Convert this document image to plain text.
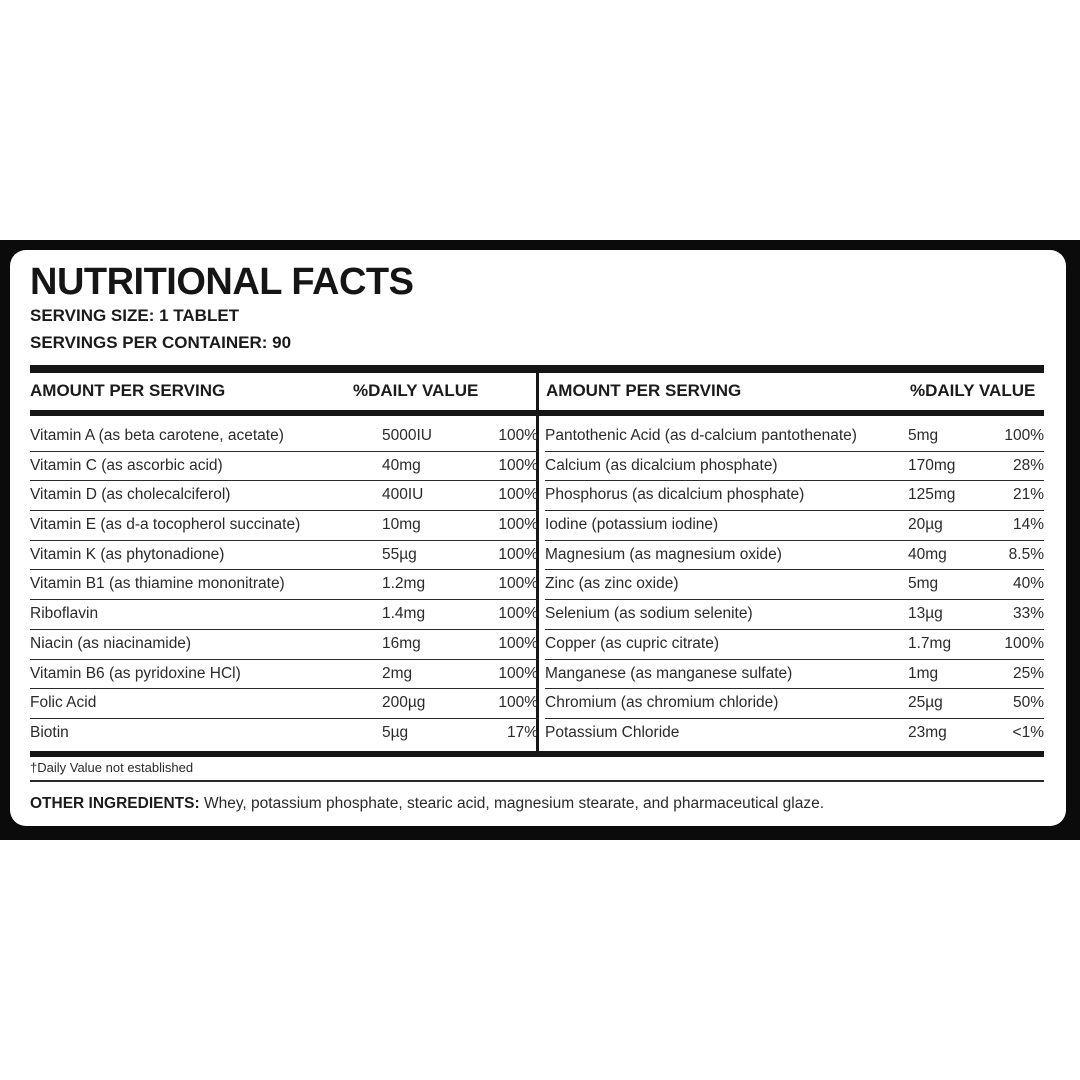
NUTRITIONAL FACTS
SERVING SIZE: 1 TABLET
SERVINGS PER CONTAINER: 90
AMOUNT PER SERVING	%DAILY VALUE	AMOUNT PER SERVING	%DAILY VALUE
Vitamin A (as beta carotene, acetate)	5000IU	100%
Vitamin C (as ascorbic acid)	40mg	100%
Vitamin D (as cholecalciferol)	400IU	100%
Vitamin E (as d-a tocopherol succinate)	10mg	100%
Vitamin K (as phytonadione)	55µg	100%
Vitamin B1 (as thiamine mononitrate)	1.2mg	100%
Riboflavin	1.4mg	100%
Niacin (as niacinamide)	16mg	100%
Vitamin B6 (as pyridoxine HCl)	2mg	100%
Folic Acid	200µg	100%
Biotin	5µg	17%
Pantothenic Acid (as d-calcium pantothenate)	5mg	100%
Calcium (as dicalcium phosphate)	170mg	28%
Phosphorus (as dicalcium phosphate)	125mg	21%
Iodine (potassium iodine)	20µg	14%
Magnesium (as magnesium oxide)	40mg	8.5%
Zinc (as zinc oxide)	5mg	40%
Selenium (as sodium selenite)	13µg	33%
Copper (as cupric citrate)	1.7mg	100%
Manganese (as manganese sulfate)	1mg	25%
Chromium (as chromium chloride)	25µg	50%
Potassium Chloride	23mg	<1%
†Daily Value not established
OTHER INGREDIENTS: Whey, potassium phosphate, stearic acid, magnesium stearate, and pharmaceutical glaze.
